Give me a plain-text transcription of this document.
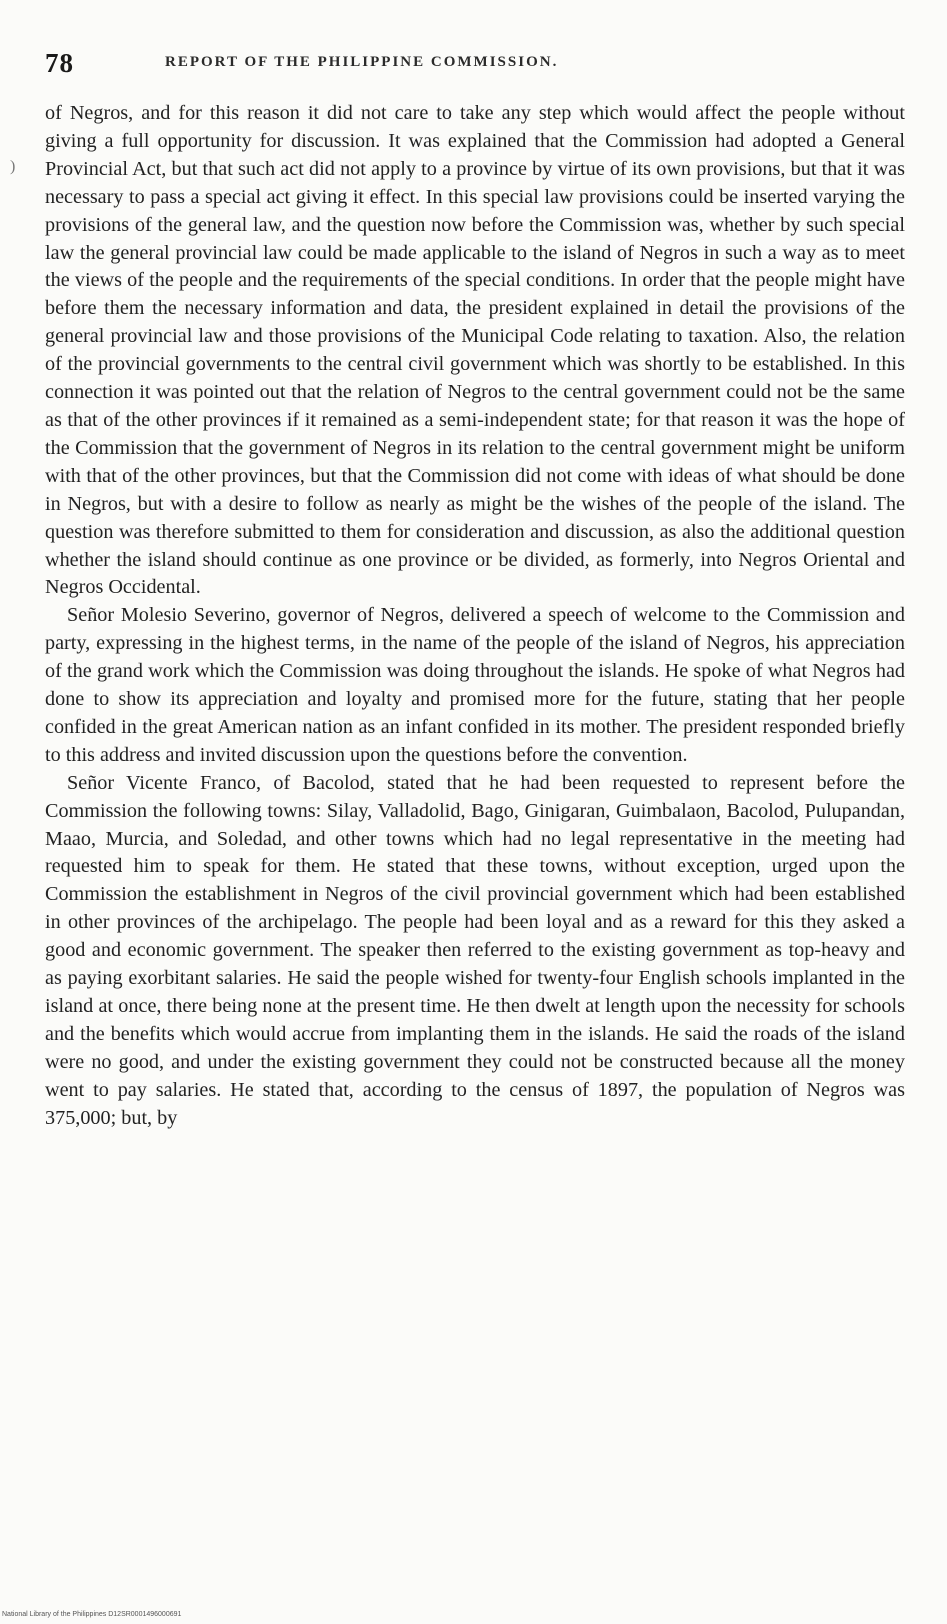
78	REPORT OF THE PHILIPPINE COMMISSION.
)

of Negros, and for this reason it did not care to take any step which would affect the people without giving a full opportunity for discussion. It was explained that the Commission had adopted a General Provincial Act, but that such act did not apply to a province by virtue of its own provisions, but that it was necessary to pass a special act giving it effect. In this special law provisions could be inserted varying the provisions of the general law, and the question now before the Commission was, whether by such special law the general provincial law could be made applicable to the island of Negros in such a way as to meet the views of the people and the requirements of the special conditions. In order that the people might have before them the necessary information and data, the president explained in detail the provisions of the general provincial law and those provisions of the Municipal Code relating to taxation. Also, the relation of the provincial governments to the central civil government which was shortly to be established. In this connection it was pointed out that the relation of Negros to the central government could not be the same as that of the other provinces if it remained as a semi-independent state; for that reason it was the hope of the Commission that the government of Negros in its relation to the central government might be uniform with that of the other provinces, but that the Commission did not come with ideas of what should be done in Negros, but with a desire to follow as nearly as might be the wishes of the people of the island. The question was therefore submitted to them for consideration and discussion, as also the additional question whether the island should continue as one province or be divided, as formerly, into Negros Oriental and Negros Occidental.

Señor Molesio Severino, governor of Negros, delivered a speech of welcome to the Commission and party, expressing in the highest terms, in the name of the people of the island of Negros, his appreciation of the grand work which the Commission was doing throughout the islands. He spoke of what Negros had done to show its appreciation and loyalty and promised more for the future, stating that her people confided in the great American nation as an infant confided in its mother. The president responded briefly to this address and invited discussion upon the questions before the convention.

Señor Vicente Franco, of Bacolod, stated that he had been requested to represent before the Commission the following towns: Silay, Valladolid, Bago, Ginigaran, Guimbalaon, Bacolod, Pulupandan, Maao, Murcia, and Soledad, and other towns which had no legal representative in the meeting had requested him to speak for them. He stated that these towns, without exception, urged upon the Commission the establishment in Negros of the civil provincial government which had been established in other provinces of the archipelago. The people had been loyal and as a reward for this they asked a good and economic government. The speaker then referred to the existing government as top-heavy and as paying exorbitant salaries. He said the people wished for twenty-four English schools implanted in the island at once, there being none at the present time. He then dwelt at length upon the necessity for schools and the benefits which would accrue from implanting them in the islands. He said the roads of the island were no good, and under the existing government they could not be constructed because all the money went to pay salaries. He stated that, according to the census of 1897, the population of Negros was 375,000; but, by

National Library of the Philippines D12SR0001496000691
